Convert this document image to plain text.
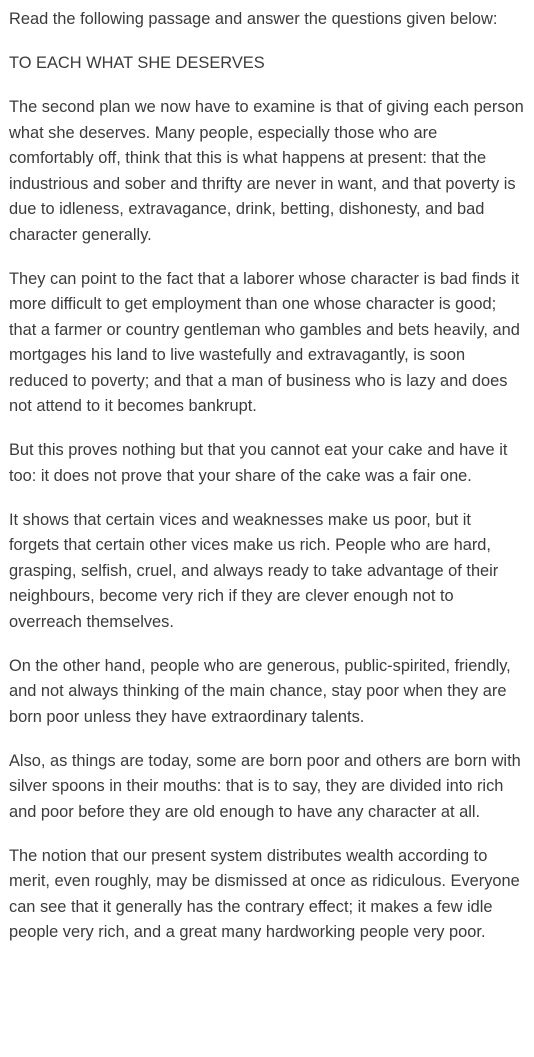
Read the following passage and answer the questions given below:

TO EACH WHAT SHE DESERVES

The second plan we now have to examine is that of giving each person what she deserves. Many people, especially those who are comfortably off, think that this is what happens at present: that the industrious and sober and thrifty are never in want, and that poverty is due to idleness, extravagance, drink, betting, dishonesty, and bad character generally.

They can point to the fact that a laborer whose character is bad finds it more difficult to get employment than one whose character is good; that a farmer or country gentleman who gambles and bets heavily, and mortgages his land to live wastefully and extravagantly, is soon reduced to poverty; and that a man of business who is lazy and does not attend to it becomes bankrupt.

But this proves nothing but that you cannot eat your cake and have it too: it does not prove that your share of the cake was a fair one.

It shows that certain vices and weaknesses make us poor, but it forgets that certain other vices make us rich. People who are hard, grasping, selfish, cruel, and always ready to take advantage of their neighbours, become very rich if they are clever enough not to overreach themselves.

On the other hand, people who are generous, public-spirited, friendly, and not always thinking of the main chance, stay poor when they are born poor unless they have extraordinary talents.

Also, as things are today, some are born poor and others are born with silver spoons in their mouths: that is to say, they are divided into rich and poor before they are old enough to have any character at all.

The notion that our present system distributes wealth according to merit, even roughly, may be dismissed at once as ridiculous. Everyone can see that it generally has the contrary effect; it makes a few idle people very rich, and a great many hardworking people very poor.
